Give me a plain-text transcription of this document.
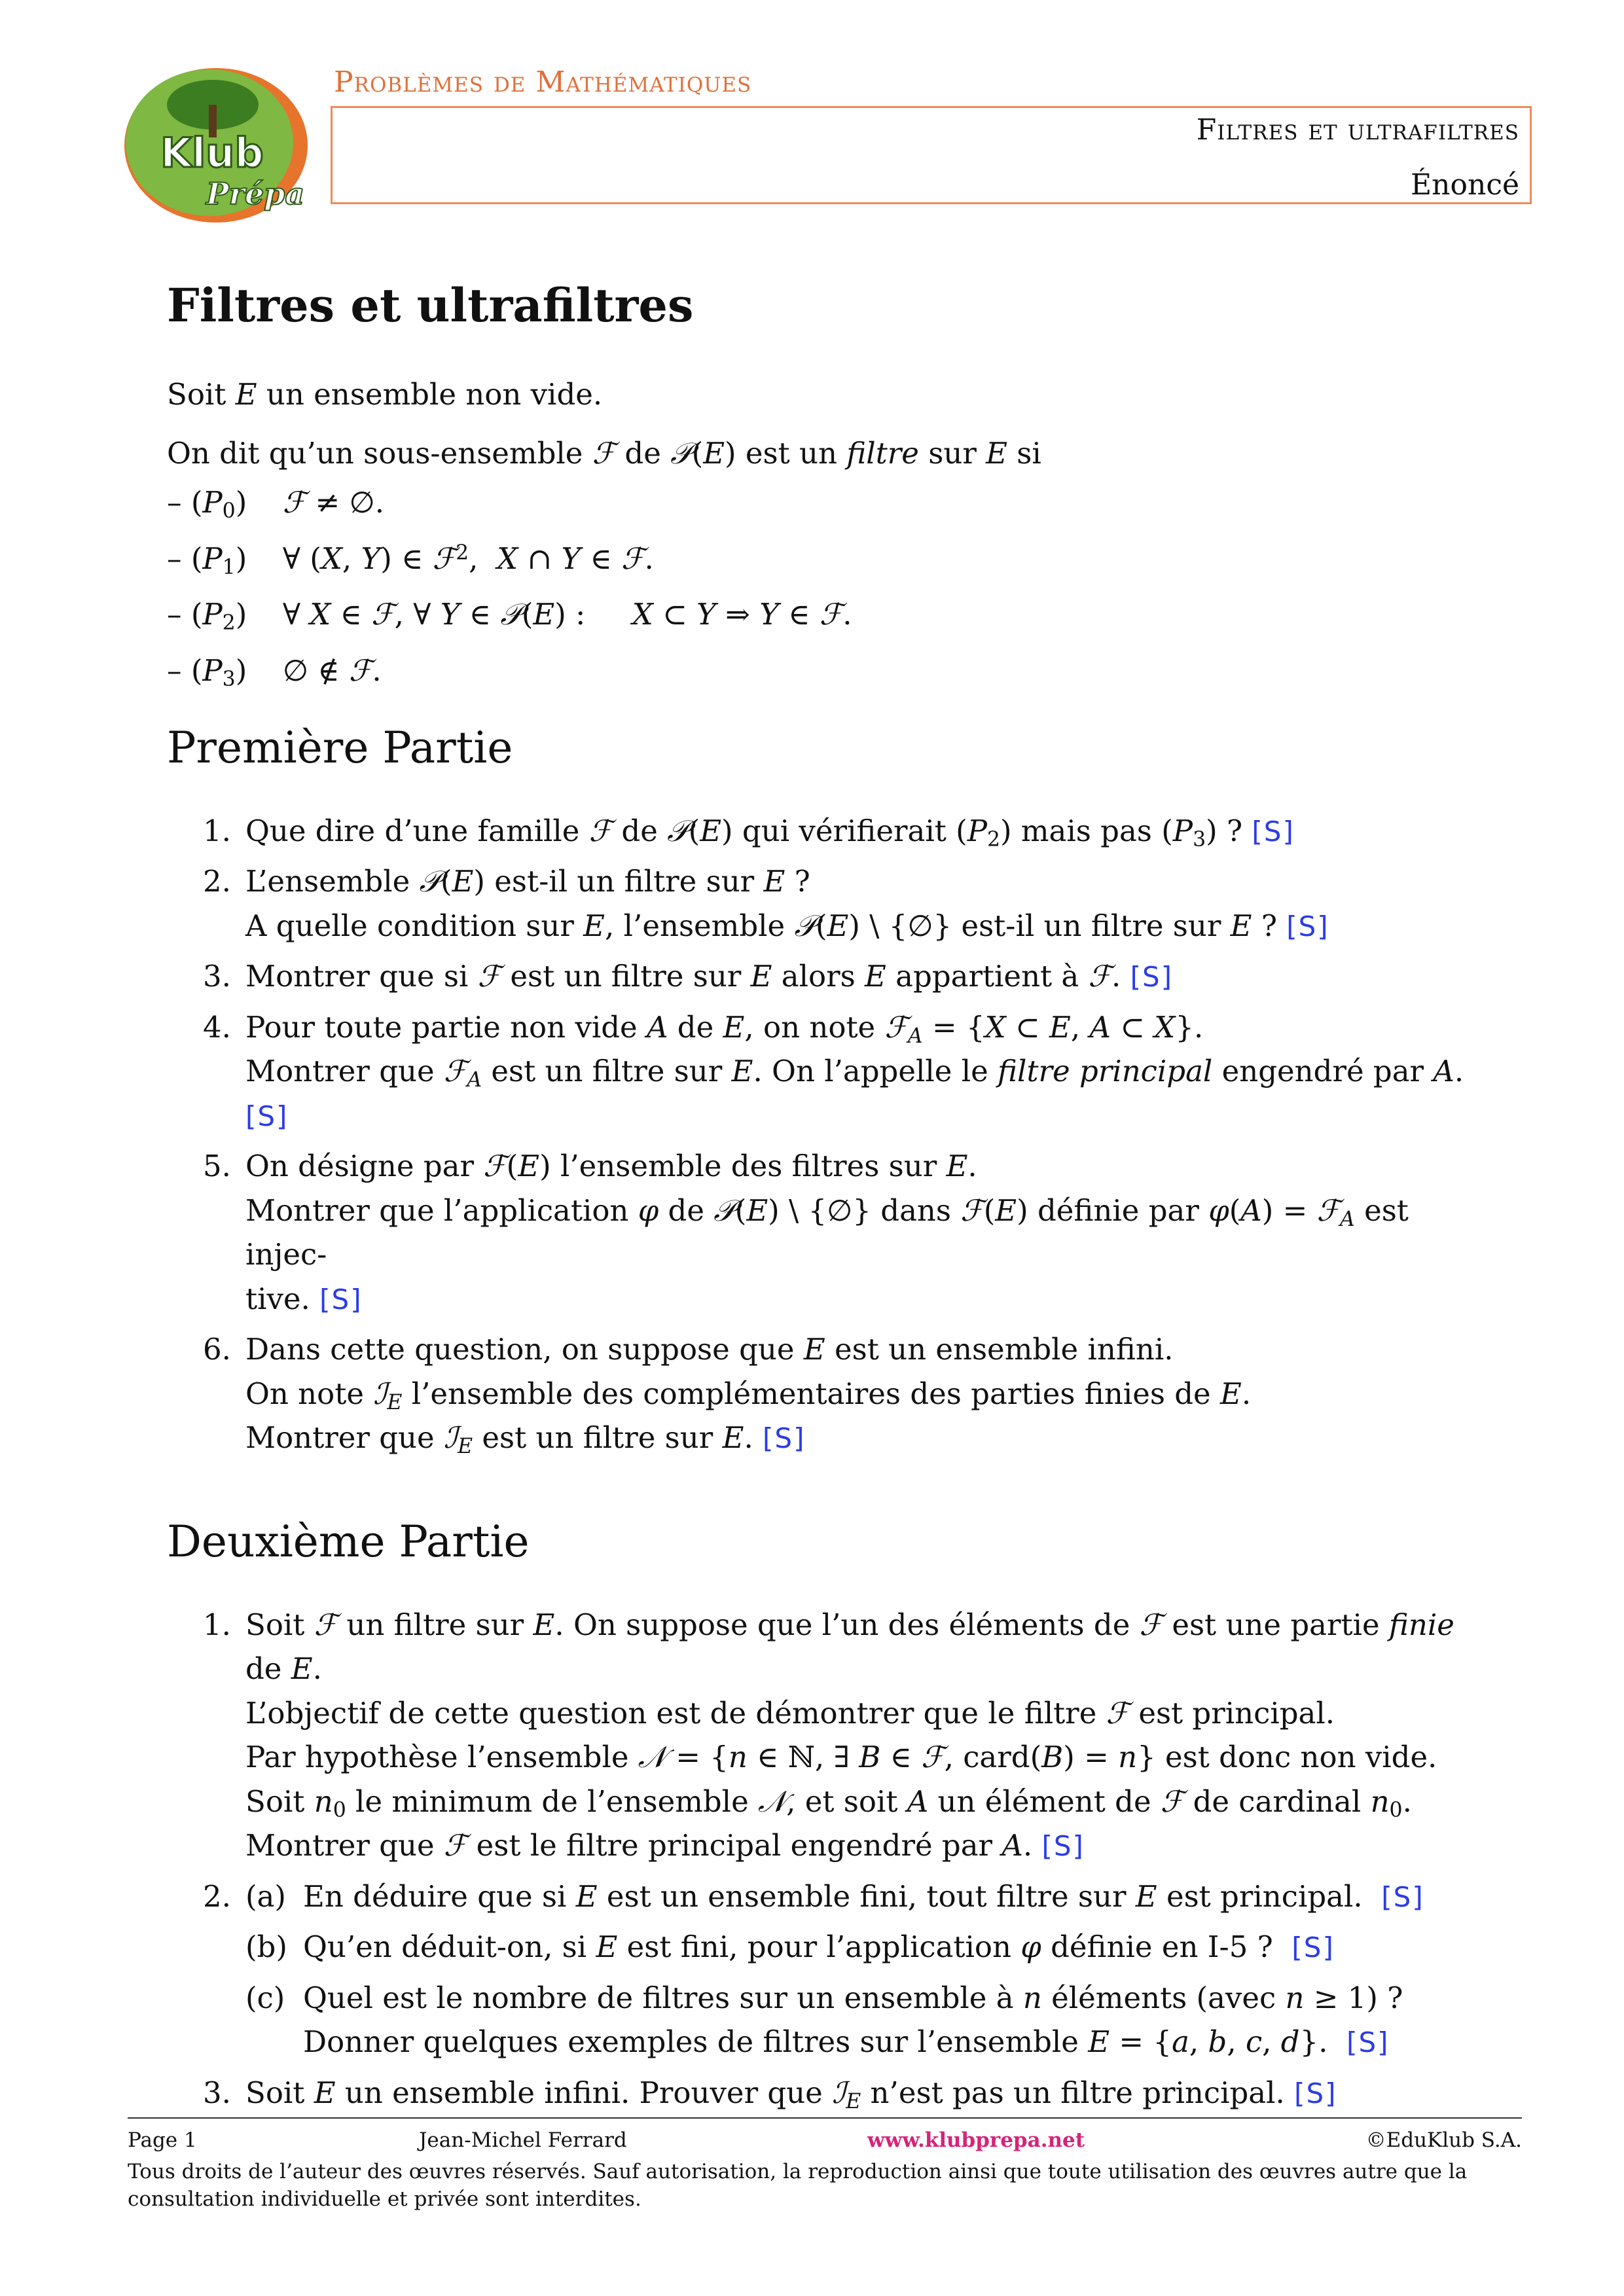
Klub
Prépa
Problèmes de Mathématiques
Filtres et ultrafiltres
Énoncé
Filtres et ultrafiltres
Soit E un ensemble non vide.
On dit qu’un sous-ensemble ℱ de 𝒫(E) est un filtre sur E si
– $(P_0)$ ℱ ≠ ∅.
– $(P_1)$ ∀ (X, Y) ∈ ℱ$^2$,  X ∩ Y ∈ ℱ.
– $(P_2)$ ∀ X ∈ ℱ, ∀ Y ∈ 𝒫(E) :     X ⊂ Y ⇒ Y ∈ ℱ.
– $(P_3)$ ∅ ∉ ℱ.
Première Partie
1. Que dire d’une famille ℱ de 𝒫(E) qui vérifierait $(P_2)$ mais pas $(P_3)$ ? [S]
2. L’ensemble 𝒫(E) est-il un filtre sur E ?
A quelle condition sur E, l’ensemble 𝒫(E) \ {∅} est-il un filtre sur E ? [S]
3. Montrer que si ℱ est un filtre sur E alors E appartient à ℱ. [S]
4. Pour toute partie non vide A de E, on note ℱ$_A$ = {X ⊂ E, A ⊂ X}.
Montrer que ℱ$_A$ est un filtre sur E. On l’appelle le filtre principal engendré par A. [S]
5. On désigne par ℱ(E) l’ensemble des filtres sur E.
Montrer que l’application φ de 𝒫(E) \ {∅} dans ℱ(E) définie par φ(A) = ℱ$_A$ est injec-
tive. [S]
6. Dans cette question, on suppose que E est un ensemble infini.
On note ℐ$_E$ l’ensemble des complémentaires des parties finies de E.
Montrer que ℐ$_E$ est un filtre sur E. [S]
Deuxième Partie
1. Soit ℱ un filtre sur E. On suppose que l’un des éléments de ℱ est une partie finie de E.
L’objectif de cette question est de démontrer que le filtre ℱ est principal.
Par hypothèse l’ensemble 𝒩 = {n ∈ ℕ, ∃ B ∈ ℱ, card(B) = n} est donc non vide.
Soit $n_0$ le minimum de l’ensemble 𝒩, et soit A un élément de ℱ de cardinal $n_0$.
Montrer que ℱ est le filtre principal engendré par A. [S]
2. (a) En déduire que si E est un ensemble fini, tout filtre sur E est principal. [S]
(b) Qu’en déduit-on, si E est fini, pour l’application φ définie en I-5 ? [S]
(c) Quel est le nombre de filtres sur un ensemble à n éléments (avec n ≥ 1) ?
Donner quelques exemples de filtres sur l’ensemble E = {a, b, c, d}.  [S]
3. Soit E un ensemble infini. Prouver que ℐ$_E$ n’est pas un filtre principal. [S]
Page 1	Jean-Michel Ferrard	www.klubprepa.net	©EduKlub S.A.
Tous droits de l’auteur des œuvres réservés. Sauf autorisation, la reproduction ainsi que toute utilisation des œuvres autre que la consultation individuelle et privée sont interdites.
